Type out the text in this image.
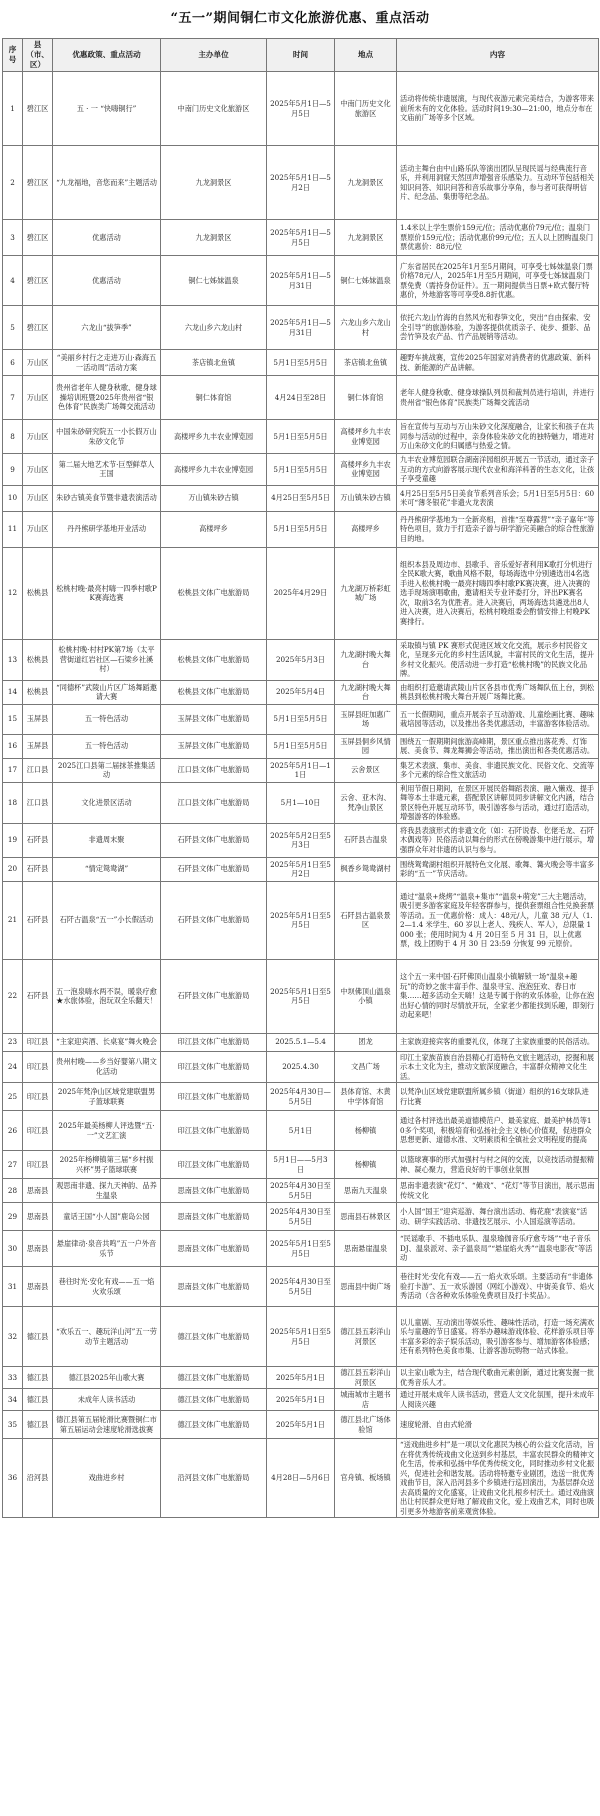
“五一”期间铜仁市文化旅游优惠、重点活动
序号	县（市、区）	优惠政策、重点活动	主办单位	时间	地点	内容
1	碧江区	五 · 一 “快嗨铜行”	中南门历史文化旅游区	2025年5月1日—5月5日	中南门历史文化旅游区	活动将传统非遗展演，与现代夜游元素完美结合，为游客带来前所未有的文化体验。活动时间19:30—21:00，地点分布在文庙前广场等多个区域。
2	碧江区	“九龙福地，音您而来”主题活动	九龙洞景区	2025年5月1日—5月2日	九龙洞景区	活动主舞台由中山路乐队等演出团队呈现民谣与经典流行音乐，并利用洞窟天然回声增强音乐感染力。互动环节包括相关知识问答、知识问答和音乐故事分享角，参与者可获得明信片、纪念品、集册等纪念品。
3	碧江区	优惠活动	九龙洞景区	2025年5月1日—5月5日	九龙洞景区	1.4米以上学生票价159元/位；活动优惠价79元/位；温泉门票原价159元/位；活动优惠价99元/位；五人以上团购温泉门票优惠价：88元/位
4	碧江区	优惠活动	铜仁七姊妹温泉	2025年5月1日—5月31日	铜仁七姊妹温泉	广东省居民在2025年1月至5月期间，可享受七姊妹温泉门票价格78元/人，2025年1月至5月期间，可享受七姊妹温泉门票免费（需持身份证件）。五一期间提供当日票+欧式餐厅特惠价，外地游客等可享受8.8折优惠。
5	碧江区	六龙山“拔笋季”	六龙山乡六龙山村	2025年5月1日—5月31日	六龙山乡六龙山村	依托六龙山竹海的自然风光和春笋文化，突出“自由探索、安全引导”的旅游体验，为游客提供优质亲子、徒步、摄影、品尝竹笋及农产品、竹产品展销等活动。
6	万山区	“美丽乡村行之走进万山·森海五一活动周”活动方案	茶店镇北鱼镇	5月1日至5月5日	茶店镇北鱼镇	趣野车挑战赛，宣传2025年国家对消费者的优惠政策、新科技、新能源的产品讲解。
7	万山区	贵州省老年人健身秋歌、健身球操培训班暨2025年贵州省“银色体育”民族类广场舞交流活动	铜仁体育馆	4月24日至28日	铜仁体育馆	老年人健身秋歌、健身球操队列员和裁判员进行培训，并进行贵州省“银色体育”民族类广场舞交流活动
8	万山区	中国朱砂研究院五一小长假万山朱砂文化节	高楼坪乡九丰农业博览园	5月1日至5月5日	高楼坪乡九丰农业博览园	旨在宣传与互动与万山朱砂文化深度融合，让家长和孩子在共同参与活动的过程中，亲身体验朱砂文化的独特魅力，增进对万山朱砂文化的归属感与热爱之情。
9	万山区	第二届大地艺术节·巨型鲜草人王国	高楼坪乡九丰农业博览园	5月1日至5月5日	高楼坪乡九丰农业博览园	九丰农业博览园联合湖南洋园组织开展五一节活动，通过亲子互动的方式向游客展示现代农业和海洋科普的生态文化，让孩子享受童趣
10	万山区	朱砂古镇美食节暨非遗表演活动	万山镇朱砂古镇	4月25日至5月5日	万山镇朱砂古镇	4月25日至5月5日美食节系列音乐会；5月1日至5月5日：60米可“薄冬银花”非遗火龙表演
11	万山区	丹丹熊研学基地开业活动	高楼坪乡	5月1日至5月5日	高楼坪乡	丹丹熊研学基地为一全新亮相，首推“至尊露营”“亲子嘉年”等特色项目，致力于打造亲子游与研学游完美融合的综合性旅游目的地。
12	松桃县	松桃村晚·最亮村嗨一四季村歌PK赛海选赛	松桃县文体广电旅游局	2025年4月29日	九龙湖万桥彩虹城广场	组织本县及周边市、县歌手、音乐爱好者利用K歌打分机进行全民K歌大赛，歌曲风格不限，每场海选中分别遴选出4名选手进入松桃村晚一最亮村嗨四季村歌PK赛决赛，进入决赛的选手现场演唱歌曲，邀请相关专业评委打分，评出PK赛名次，取前3名为优胜者。进入决赛后，两场海选共遴选出8人进入决赛，进入决赛后，松桃村晚组委会酌情安排上村晚PK赛排行。
13	松桃县	松桃村晚·村村PK第7场（太平营街道红岩社区—石梁乡社溪村）	松桃县文体广电旅游局	2025年5月3日	九龙湖村晚大舞台	采取镇与镇 PK 赛形式促进区域文化交流，展示乡村民俗文化，呈现多元化的乡村生活风貌，丰富村民的文化生活，提升乡村文化振兴。使活动进一步打造“松桃村晚”的民族文化品牌。
14	松桃县	“同德杯”武陵山片区广场舞蹈邀请大赛	松桃县文体广电旅游局	2025年5月4日	九龙湖村晚大舞台	由组织打造邀请武陵山片区各县市优秀广场舞队伍上台，到松桃县到松桃村晚大舞台开展广场舞比赛。
15	玉屏县	五一特色活动	玉屏县文体广电旅游局	5月1日至5月5日	玉屏县旺加惠广场	五一长假期间，重点开展亲子互动游戏、儿童绘画比赛、趣味栽培园等活动，以及推出各类优惠活动，丰富游客体验活动。
16	玉屏县	五一特色活动	玉屏县文体广电旅游局	5月1日至5月5日	玉屏县侗乡风情园	围绕五一假期期间旅游高峰期，景区重点推出落花秀、灯饰展、美食节、舞龙舞狮会等活动，推出演出和各类优惠活动。
17	江口县	2025江口县第二届抹茶推集活动	江口县文体广电旅游局	2025年5月1日—11日	云舍景区	集艺术表演、集市、美食、非遗民族文化、民俗文化、交流等多个元素的综合性文旅活动
18	江口县	文化进景区活动	江口县文体广电旅游局	5月1—10日	云舍、亚木沟、梵净山景区	利用节假日期间，在景区开展民俗舞蹈表演、融入懒戏、提手舞等本土非遗元素，搭配景区讲解员同步讲解文化内涵，结合景区特色开展互动环节，吸引游客参与活动，通过打造活动，增强游客的体验感。
19	石阡县	非遗周末聚	石阡县文体广电旅游局	2025年5月2日至5月3日	石阡县古温泉	将我县表演形式的非遗文化（如：石阡说春、仡佬毛龙、石阡木偶戏等）民俗活动以舞台的形式在傍晚游集中进行展示，增强群众年对非遗的认识与参与。
20	石阡县	“情定鸳鸯湖”	石阡县文体广电旅游局	2025年5月1日至5月2日	枫香乡鸳鸯湖村	围绕鸳鸯湖村组织开展特色文化展、歌舞、篝火晚会等丰富多彩的“五一”节庆活动。
21	石阡县	石阡古温泉“五一”小长假活动	石阡县文体广电旅游局	2025年5月1日至5月5日	石阡县古温泉景区	通过“温泉+烧烤”“温泉+集市”“温泉+萌宠”三大主题活动，吸引更多游客家庭及年轻客群参与，提供套票组合性兑换套票等活动。五一优惠价格：成人：48元/人，儿童 38 元/人（1.2—1.4 米学生、60 岁以上老人、残疾人、军人），总限量 1000 张；使用时间为 4 月 20日至 5 月 31 日，以上优惠票，线上团购于 4 月 30 日 23:59 分恢复 99 元原价。
22	石阡县	五一泡泉嗨水两不误，暖泉疗愈★水旅体验，泡玩双全乐翻天！	石阡县文体广电旅游局	2025年5月1日至5月5日	中坝佛顶山温泉小镇	这个五一来中国·石阡佛顶山温泉小镇解锁一场“温泉+趣玩”的奇妙之旅丰富手作、温泉寻宝、泡泡狂欢、春日市集……超多活动全天嗨！这是专属于你的欢乐体验，让你在泡出好心情的同时尽情放开玩，全家老少都能找到乐趣，即刻行动起来吧！
23	印江县	“主家迎宾酒、长桌宴”舞火晚会	印江县文体广电旅游局	2025.5.1—5.4	团龙	主家族迎接宾客的重要礼仪，体现了主家族重要的民俗活动。
24	印江县	贵州村晚——乡当好婴第八期文化活动	印江县文体广电旅游局	2025.4.30	文昌广场	印江土家族苗族自治县精心打造特色文旅主题活动，挖掘和展示本土文化为主，推动文旅深度融合，丰富群众精神文化生活。
25	印江县	2025年梵净山区域党建联盟男子篮球联赛	印江县文体广电旅游局	2025年4月30日—5月5日	县体育馆、木黄中学体育馆	以梵净山区域党建联盟所属乡镇（街道）组织的16支球队进行比赛
26	印江县	2025年最美杨柳人评选暨“五·一”文艺汇演	印江县文体广电旅游局	5月1日	杨柳镇	通过各村评选出最美道德模范户、最美家庭、最美护林员等10多个奖项，积极培育和弘扬社会主义核心价值观，促进群众思想更新、道德水准、文明素质和全镇社会文明程度的提高
27	印江县	2025年杨柳镇第三届“乡村振兴杯”男子篮球联赛	印江县文体广电旅游局	5月1日——5月3日	杨柳镇	以篮球赛事的形式加强村与村之间的交流，以竞技活动提振精神、凝心聚力，营造良好的干事创业氛围
28	思南县	观思南非遗、探九天神韵、品养生温泉	思南县文体广电旅游局	2025年4月30日至5月5日	思南九天温泉	思南非遗表演“花灯”、“傩戏”、“花灯”等节目演出，展示思南传统文化
29	思南县	童话王国“小人国”鹿岛公园	思南县文体广电旅游局	2025年4月30日至5月5日	思南县石林景区	小人国“国王”迎宾巡游、舞台演出活动、梅花鹿“表演宴”活动、研学实践活动、非遗技艺展示、小人国巡演等活动。
30	思南县	悬崖律动·泉音共鸣”五一户外音乐节	思南县文体广电旅游局	2025年5月1日至5月5日	思南悬崖温泉	“民谣歌手、不插电乐队、温泉瑜伽音乐疗愈专场”“电子音乐DJ、温泉派对、亲子温泉局”“悬崖焰火秀”“温泉电影夜”等活动
31	思南县	巷往时光·安化有戏——五一焰火欢乐颂	思南县文体广电旅游局	2025年4月30日至5月5日	思南县中街广场	巷往时光·安化有戏——五一焰火欢乐颂。主要活动有“非遗体验打卡游”、五一欢乐游园（网红小游戏）、中街美食节、焰火秀活动（含各种欢乐体验免费项目及打卡奖品）。
32	德江县	“欢乐五一、趣玩洋山河”五一劳动节主题活动	德江县文体广电旅游局	2025年5月1日至5月5日	德江县五彩洋山河景区	以儿童剧、互动演出等娱乐性、趣味性活动，打造一场充满欢乐与童趣的节日盛宴。将举办趣味游戏体验、花样游乐项目等丰富多彩的亲子娱乐活动，吸引游客参与、增加游客体验感；还有系列特色美食市集、让游客游玩购物一站式体验。
33	德江县	德江县2025年山歌大赛	德江县文体广电旅游局	2025年5月1日	德江县五彩洋山河景区	以主家山歌为主，结合现代歌曲元素创新，通过比赛发掘一批优秀音乐人才。
34	德江县	未成年人读书活动	德江县文体广电旅游局	2025年5月1日	城南城市主题书店	通过开展未成年人读书活动，营造人文文化氛围，提升未成年人阅读兴趣
35	德江县	德江县第五届轮滑比赛暨铜仁市第五届运动会速度轮滑选拔赛	德江县文体广电旅游局	2025年5月1日	德江县北广场体验馆	速度轮滑、自由式轮滑
36	沿河县	戏曲进乡村	沿河县文体广电旅游局	4月28日—5月6日	官舟镇、板场镇	“送戏曲进乡村”是一项以文化惠民为核心的公益文化活动，旨在将优秀传统戏曲文化送到乡村基层，丰富农民群众的精神文化生活，传承和弘扬中华优秀传统文化，同时推动乡村文化振兴，促进社会和谐发展。活动将特邀专业剧团，选送一批优秀戏曲节目，深入沿河县多个乡镇进行巡回演出，为基层群众送去高质量的文化盛宴，让戏曲文化扎根乡村沃土。通过戏曲演出让村民群众更好地了解戏曲文化，爱上戏曲艺术，同时也吸引更多外地游客前来观赏体验。
